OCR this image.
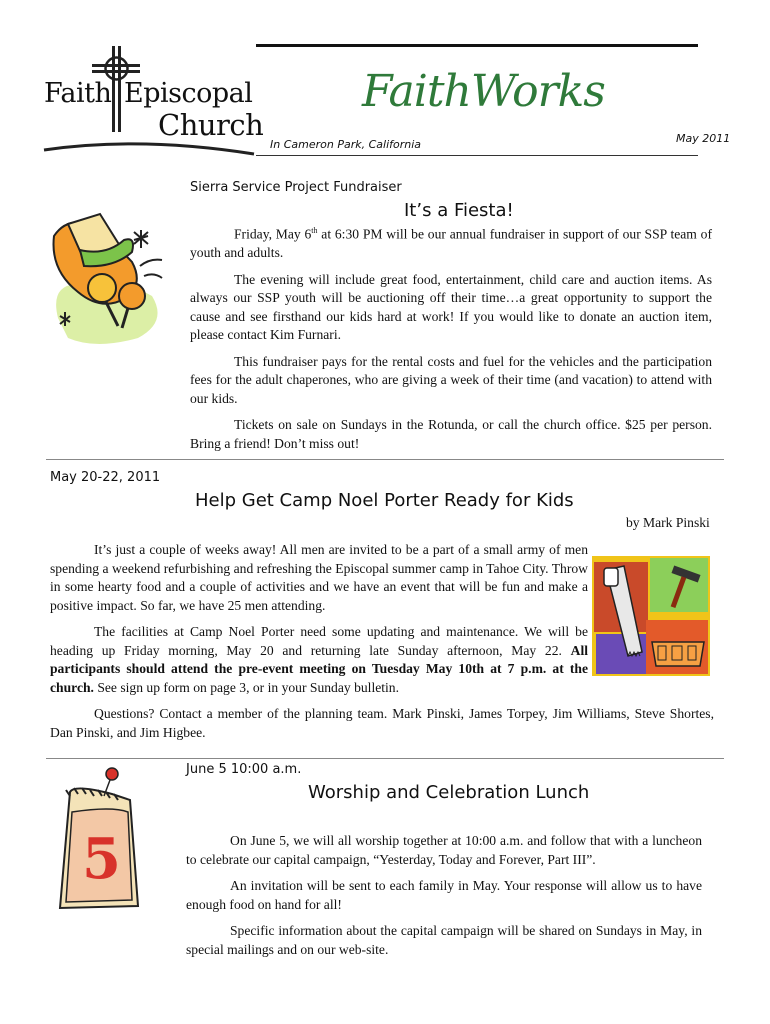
Faith Episcopal
Church
FaithWorks
In Cameron Park, California	May 2011
Sierra Service Project Fundraiser
It’s a Fiesta!

Friday, May 6th at 6:30 PM will be our annual fundraiser in support of our SSP team of youth and adults.

The evening will include great food, entertainment, child care and auction items. As always our SSP youth will be auctioning off their time…a great opportunity to support the cause and see firsthand our kids hard at work! If you would like to donate an auction item, please contact Kim Furnari.

This fundraiser pays for the rental costs and fuel for the vehicles and the participation fees for the adult chaperones, who are giving a week of their time (and vacation) to attend with our kids.

Tickets on sale on Sundays in the Rotunda, or call the church office. $25 per person. Bring a friend! Don’t miss out!

May 20-22, 2011
Help Get Camp Noel Porter Ready for Kids
by Mark Pinski

It’s just a couple of weeks away! All men are invited to be a part of a small army of men spending a weekend refurbishing and refreshing the Episcopal summer camp in Tahoe City. Throw in some hearty food and a couple of activities and we have an event that will be fun and make a positive impact. So far, we have 25 men attending.

The facilities at Camp Noel Porter need some updating and maintenance. We will be heading up Friday morning, May 20 and returning late Sunday afternoon, May 22. All participants should attend the pre-event meeting on Tuesday May 10th at 7 p.m. at the church. See sign up form on page 3, or in your Sunday bulletin.

Questions? Contact a member of the planning team. Mark Pinski, James Torpey, Jim Williams, Steve Shortes, Dan Pinski, and Jim Higbee.

5
June 5 10:00 a.m.
Worship and Celebration Lunch

On June 5, we will all worship together at 10:00 a.m. and follow that with a luncheon to celebrate our capital campaign, “Yesterday, Today and Forever, Part III”.

An invitation will be sent to each family in May. Your response will allow us to have enough food on hand for all!

Specific information about the capital campaign will be shared on Sundays in May, in special mailings and on our web-site.
